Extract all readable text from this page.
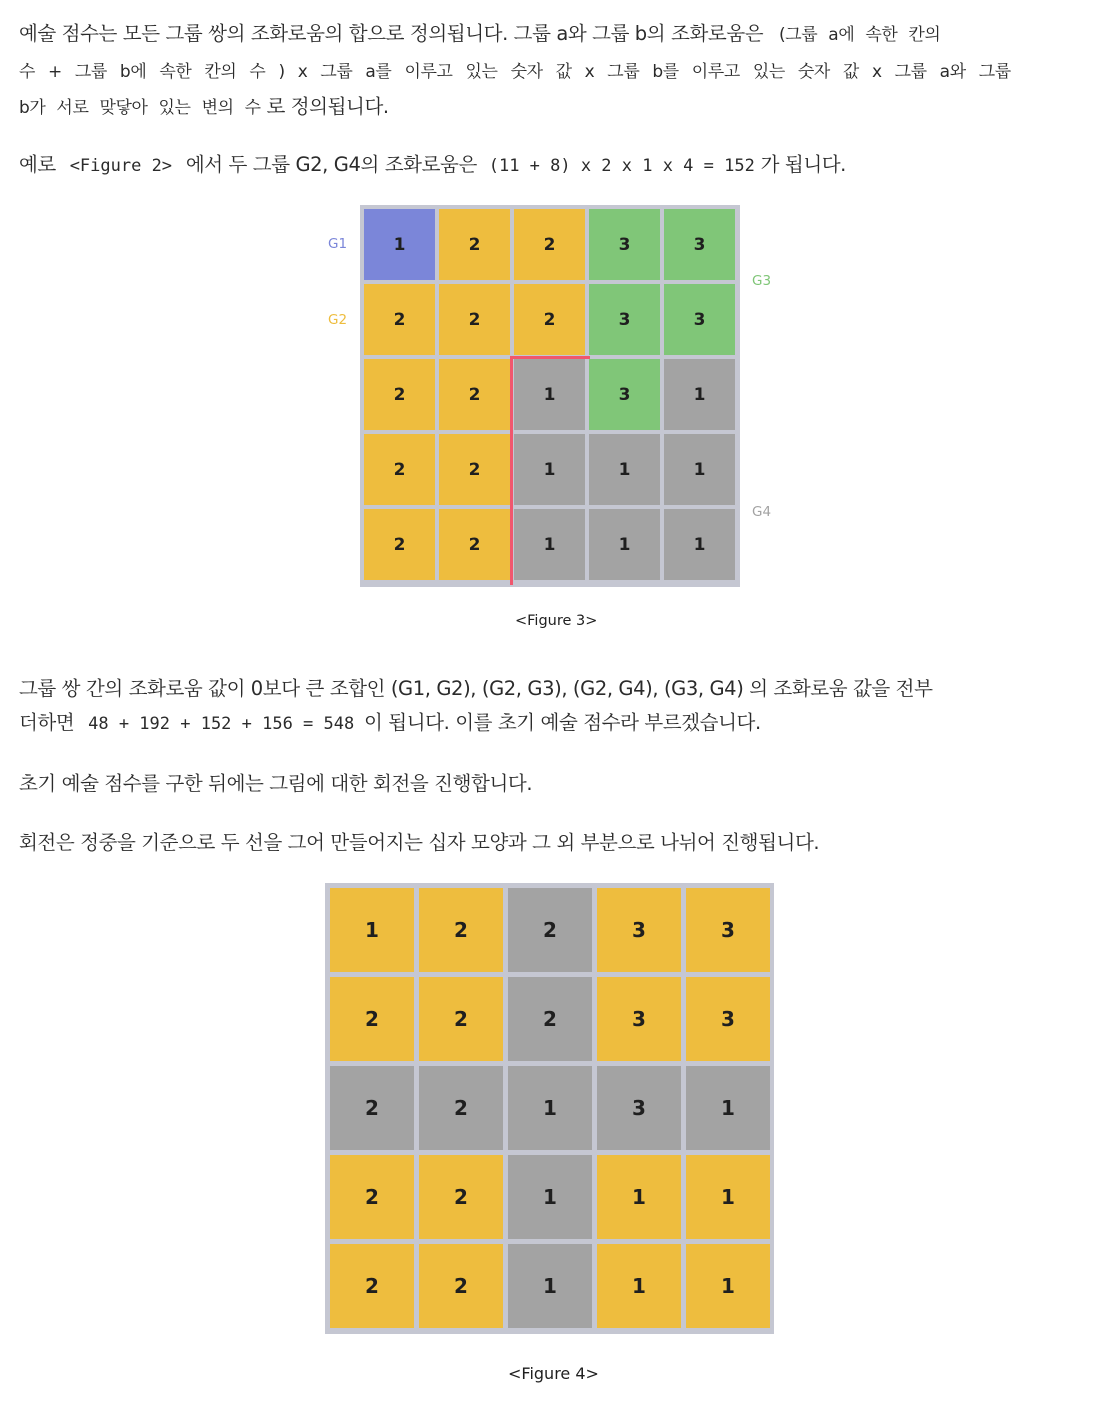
예술 점수는 모든 그룹 쌍의 조화로움의 합으로 정의됩니다. 그룹 a와 그룹 b의 조화로움은 (그룹 a에 속한 칸의

수 + 그룹 b에 속한 칸의 수 ) x 그룹 a를 이루고 있는 숫자 값 x 그룹 b를 이루고 있는 숫자 값 x 그룹 a와 그룹

b가 서로 맞닿아 있는 변의 수 로 정의됩니다.

예로 <Figure 2> 에서 두 그룹 G2, G4의 조화로움은 (11 + 8) x 2 x 1 x 4 = 152 가 됩니다.

G1
G2
G3
G4
1	2	2	3	3
2	2	2	3	3
2	2	1	3	1
2	2	1	1	1
2	2	1	1	1
<Figure 3>

그룹 쌍 간의 조화로움 값이 0보다 큰 조합인 (G1, G2), (G2, G3), (G2, G4), (G3, G4) 의 조화로움 값을 전부

더하면 48 + 192 + 152 + 156 = 548 이 됩니다. 이를 초기 예술 점수라 부르겠습니다.

초기 예술 점수를 구한 뒤에는 그림에 대한 회전을 진행합니다.

회전은 정중을 기준으로 두 선을 그어 만들어지는 십자 모양과 그 외 부분으로 나뉘어 진행됩니다.

1	2	2	3	3
2	2	2	3	3
2	2	1	3	1
2	2	1	1	1
2	2	1	1	1
<Figure 4>
